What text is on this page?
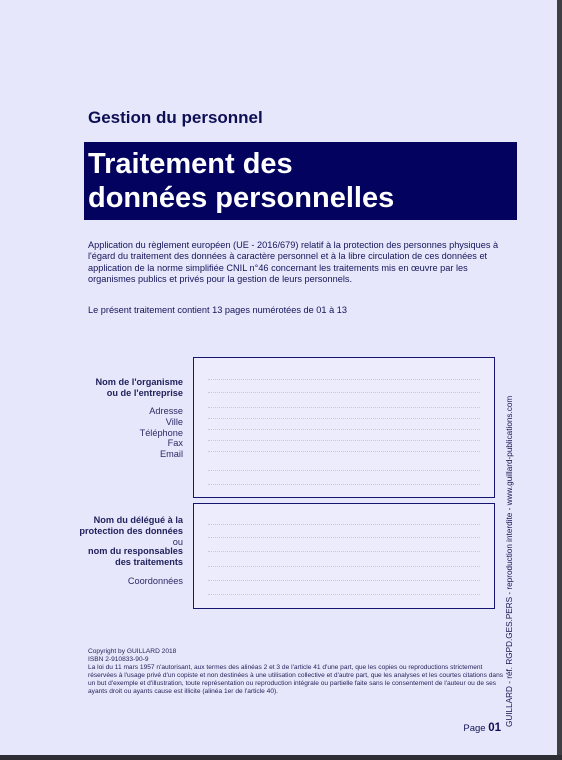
Gestion du personnel
Traitement des
données personnelles
Application du règlement européen (UE - 2016/679) relatif à la protection des personnes physiques à l'égard du traitement des données à caractère personnel et à la libre circulation de ces données et application de la norme simplifiée CNIL n°46 concernant les traitements mis en œuvre par les organismes publics et privés pour la gestion de leurs personnels.
Le présent traitement contient 13 pages numérotées de 01 à 13
Nom de l'organisme
ou de l'entreprise
Adresse
Ville
Téléphone
Fax
Email
Nom du délégué à la
protection des données
ou
nom du responsables
des traitements
Coordonnées	GUILLARD - réf. RGPD.GES.PERS - reproduction interdite - www.guillard-publications.com
Copyright by GUILLARD 2018
ISBN 2-910833-90-9
La loi du 11 mars 1957 n'autorisant, aux termes des alinéas 2 et 3 de l'article 41 d'une part, que les copies ou reproductions strictement réservées à l'usage privé d'un copiste et non destinées à une utilisation collective et d'autre part, que les analyses et les courtes citations dans un but d'exemple et d'illustration, toute représentation ou reproduction intégrale ou partielle faite sans le consentement de l'auteur ou de ses ayants droit ou ayants cause est illicite (alinéa 1er de l'article 40).
Page 01
